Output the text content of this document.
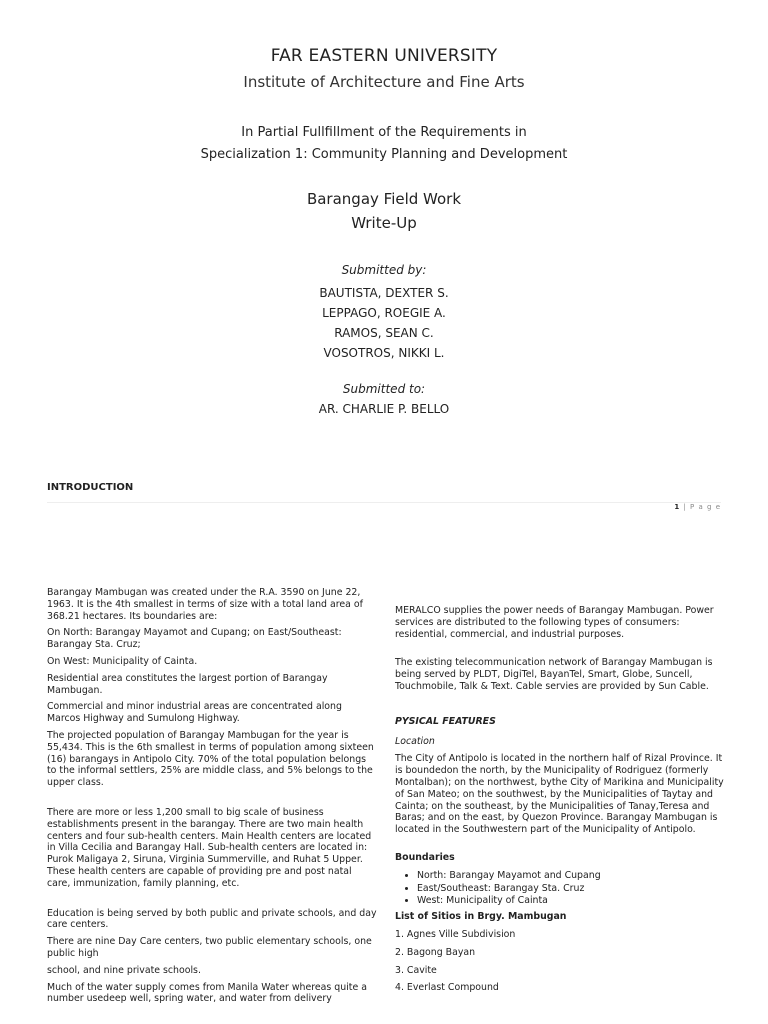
FAR EASTERN UNIVERSITY
Institute of Architecture and Fine Arts
In Partial Fullfillment of the Requirements in
Specialization 1: Community Planning and Development
Barangay Field Work
Write-Up
Submitted by:
BAUTISTA, DEXTER S.
LEPPAGO, ROEGIE A.
RAMOS, SEAN C.
VOSOTROS, NIKKI L.
Submitted to:
AR. CHARLIE P. BELLO
INTRODUCTION
1 | P a g e

Barangay Mambugan was created under the R.A. 3590 on June 22, 1963. It is the 4th smallest in terms of size with a total land area of 368.21 hectares. Its boundaries are:

On North: Barangay Mayamot and Cupang; on East/Southeast: Barangay Sta. Cruz;

On West: Municipality of Cainta.

Residential area constitutes the largest portion of Barangay Mambugan.

Commercial and minor industrial areas are concentrated along Marcos Highway and Sumulong Highway.

The projected population of Barangay Mambugan for the year is 55,434. This is the 6th smallest in terms of population among sixteen (16) barangays in Antipolo City. 70% of the total population belongs to the informal settlers, 25% are middle class, and 5% belongs to the upper class.

There are more or less 1,200 small to big scale of business establishments present in the barangay. There are two main health centers and four sub-health centers. Main Health centers are located in Villa Cecilia and Barangay Hall. Sub-health centers are located in: Purok Maligaya 2, Siruna, Virginia Summerville, and Ruhat 5 Upper. These health centers are capable of providing pre and post natal care, immunization, family planning, etc.

Education is being served by both public and private schools, and day care centers.

There are nine Day Care centers, two public elementary schools, one public high

school, and nine private schools.

Much of the water supply comes from Manila Water whereas quite a number usedeep well, spring water, and water from delivery

MERALCO supplies the power needs of Barangay Mambugan. Power services are distributed to the following types of consumers: residential, commercial, and industrial purposes.

The existing telecommunication network of Barangay Mambugan is being served by PLDT, DigiTel, BayanTel, Smart, Globe, Suncell, Touchmobile, Talk & Text. Cable servies are provided by Sun Cable.

PYSICAL FEATURES

Location

The City of Antipolo is located in the northern half of Rizal Province. It is boundedon the north, by the Municipality of Rodriguez (formerly Montalban); on the northwest, bythe City of Marikina and Municipality of San Mateo; on the southwest, by the Municipalities of Taytay and Cainta; on the southeast, by the Municipalities of Tanay,Teresa and Baras; and on the east, by Quezon Province. Barangay Mambugan is located in the Southwestern part of the Municipality of Antipolo.

Boundaries

• North: Barangay Mayamot and Cupang
• East/Southeast: Barangay Sta. Cruz
• West: Municipality of Cainta

List of Sitios in Brgy. Mambugan

1. Agnes Ville Subdivision
2. Bagong Bayan
3. Cavite
4. Everlast Compound
